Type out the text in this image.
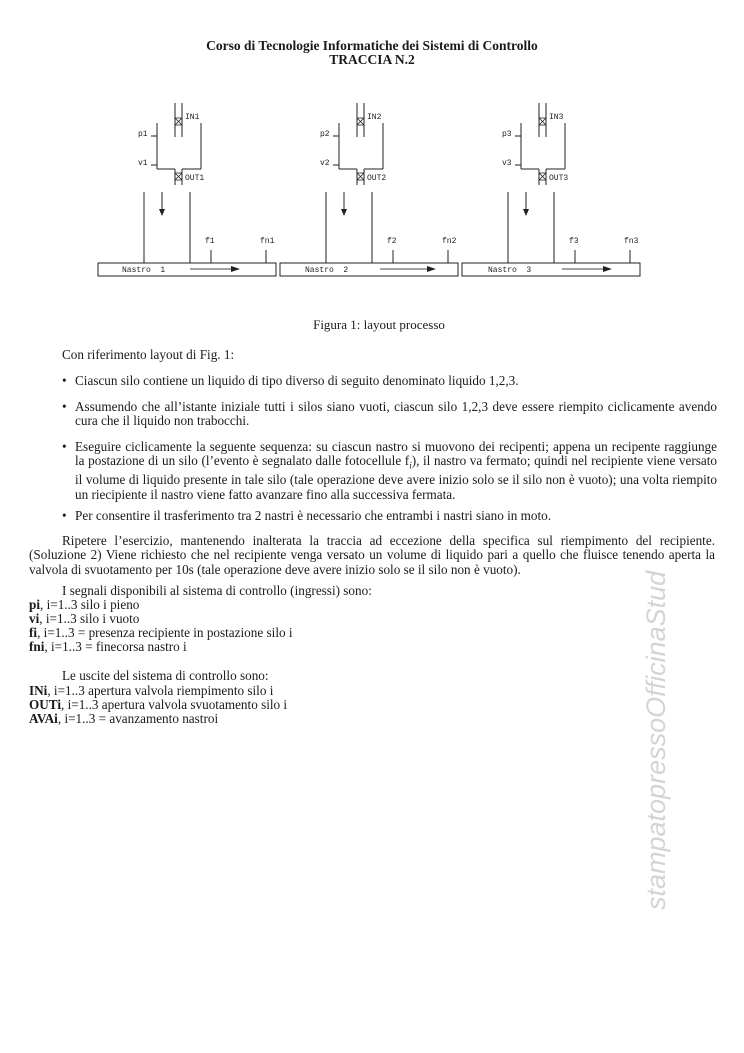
Corso di Tecnologie Informatiche dei Sistemi di Controllo
TRACCIA N.2
IN1
OUT1
p1
v1
f1	fn1
Nastro  1
IN2
OUT2
p2
v2
f2	fn2
Nastro  2
IN3
OUT3
p3
v3
f3	fn3
Nastro  3
Figura 1: layout processo
Con riferimento layout di Fig. 1:
• Ciascun silo contiene un liquido di tipo diverso di seguito denominato liquido 1,2,3.
• Assumendo che all’istante iniziale tutti i silos siano vuoti, ciascun silo 1,2,3 deve essere riempito ciclicamente avendo cura che il liquido non trabocchi.
• Eseguire ciclicamente la seguente sequenza: su ciascun nastro si muovono dei recipenti; appena un recipente raggiunge la postazione di un silo (l’evento è segnalato dalle fotocellule $f_i$), il nastro va fermato; quindi nel recipiente viene versato il volume di liquido presente in tale silo (tale operazione deve avere inizio solo se il silo non è vuoto); una volta riempito un riecipiente il nastro viene fatto avanzare fino alla successiva fermata.
• Per consentire il trasferimento tra 2 nastri è necessario che entrambi i nastri siano in moto.
Ripetere l’esercizio, mantenendo inalterata la traccia ad eccezione della specifica sul riempimento del recipiente. (Soluzione 2) Viene richiesto che nel recipiente venga versato un volume di liquido pari a quello che fluisce tenendo aperta la valvola di svuotamento per 10s (tale operazione deve avere inizio solo se il silo non è vuoto).
I segnali disponibili al sistema di controllo (ingressi) sono:
pi, i=1..3 silo i pieno
vi, i=1..3 silo i vuoto
fi, i=1..3 = presenza recipiente in postazione silo i
fni, i=1..3 = finecorsa nastro i
Le uscite del sistema di controllo sono:
INi, i=1..3 apertura valvola riempimento silo i
OUTi, i=1..3 apertura valvola svuotamento silo i
AVAi, i=1..3 = avanzamento nastroi	stampatopressoOfficinaStud
